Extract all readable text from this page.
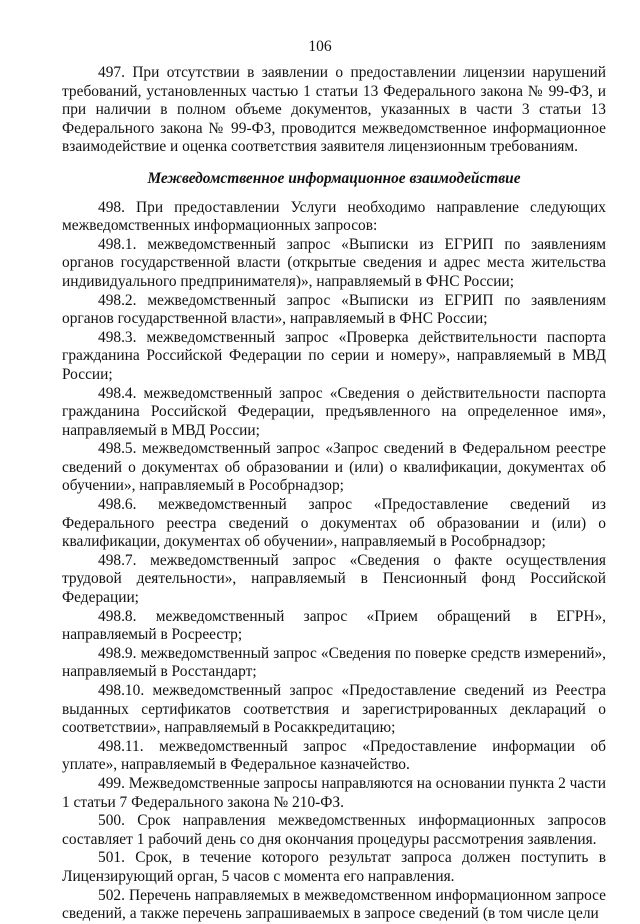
106

497. При отсутствии в заявлении о предоставлении лицензии нарушений требований, установленных частью 1 статьи 13 Федерального закона № 99-ФЗ, и при наличии в полном объеме документов, указанных в части 3 статьи 13 Федерального закона № 99-ФЗ, проводится межведомственное информационное взаимодействие и оценка соответствия заявителя лицензионным требованиям.

Межведомственное информационное взаимодействие

498. При предоставлении Услуги необходимо направление следующих межведомственных информационных запросов:

498.1. межведомственный запрос «Выписки из ЕГРИП по заявлениям органов государственной власти (открытые сведения и адрес места жительства индивидуального предпринимателя)», направляемый в ФНС России;

498.2. межведомственный запрос «Выписки из ЕГРИП по заявлениям органов государственной власти», направляемый в ФНС России;

498.3. межведомственный запрос «Проверка действительности паспорта гражданина Российской Федерации по серии и номеру», направляемый в МВД России;

498.4. межведомственный запрос «Сведения о действительности паспорта гражданина Российской Федерации, предъявленного на определенное имя», направляемый в МВД России;

498.5. межведомственный запрос «Запрос сведений в Федеральном реестре сведений о документах об образовании и (или) о квалификации, документах об обучении», направляемый в Рособрнадзор;

498.6. межведомственный запрос «Предоставление сведений из Федерального реестра сведений о документах об образовании и (или) о квалификации, документах об обучении», направляемый в Рособрнадзор;

498.7. межведомственный запрос «Сведения о факте осуществления трудовой деятельности», направляемый в Пенсионный фонд Российской Федерации;

498.8. межведомственный запрос «Прием обращений в ЕГРН», направляемый в Росреестр;

498.9. межведомственный запрос «Сведения по поверке средств измерений», направляемый в Росстандарт;

498.10. межведомственный запрос «Предоставление сведений из Реестра выданных сертификатов соответствия и зарегистрированных деклараций о соответствии», направляемый в Росаккредитацию;

498.11. межведомственный запрос «Предоставление информации об уплате», направляемый в Федеральное казначейство.

499. Межведомственные запросы направляются на основании пункта 2 части 1 статьи 7 Федерального закона № 210-ФЗ.

500. Срок направления межведомственных информационных запросов составляет 1 рабочий день со дня окончания процедуры рассмотрения заявления.

501. Срок, в течение которого результат запроса должен поступить в Лицензирующий орган, 5 часов с момента его направления.

502. Перечень направляемых в межведомственном информационном запросе сведений, а также перечень запрашиваемых в запросе сведений (в том числе цели
